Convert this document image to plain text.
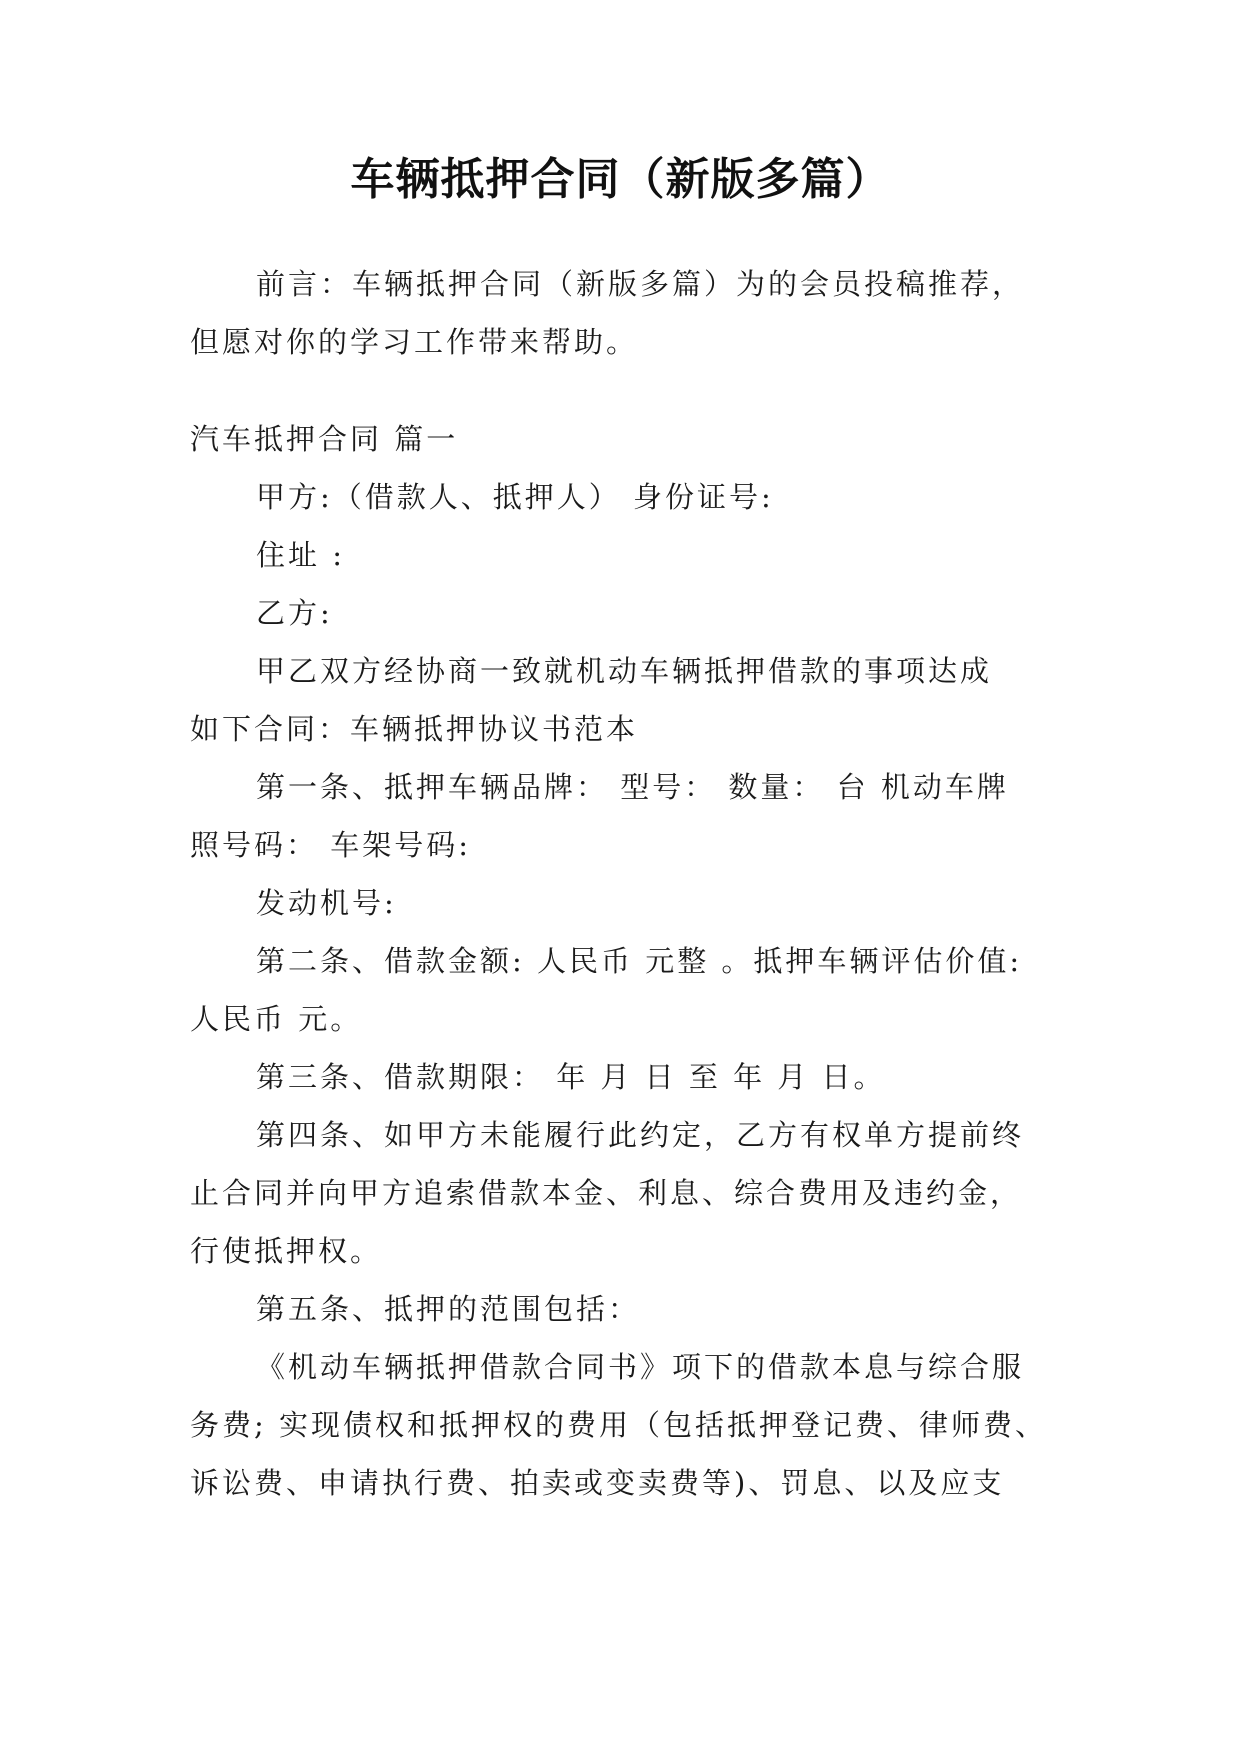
车辆抵押合同（新版多篇）

前言：车辆抵押合同（新版多篇）为的会员投稿推荐，

但愿对你的学习工作带来帮助。

汽车抵押合同 篇一

甲方:（借款人、抵押人） 身份证号:

住址 :

乙方:

甲乙双方经协商一致就机动车辆抵押借款的事项达成

如下合同：车辆抵押协议书范本

第一条、抵押车辆品牌： 型号： 数量： 台 机动车牌

照号码： 车架号码:

发动机号:

第二条、借款金额: 人民币 元整 。抵押车辆评估价值:

人民币 元。

第三条、借款期限： 年 月 日 至 年 月 日。

第四条、如甲方未能履行此约定，乙方有权单方提前终

止合同并向甲方追索借款本金、利息、综合费用及违约金，

行使抵押权。

第五条、抵押的范围包括：

《机动车辆抵押借款合同书》项下的借款本息与综合服

务费; 实现债权和抵押权的费用（包括抵押登记费、律师费、

诉讼费、申请执行费、拍卖或变卖费等)、罚息、以及应支
